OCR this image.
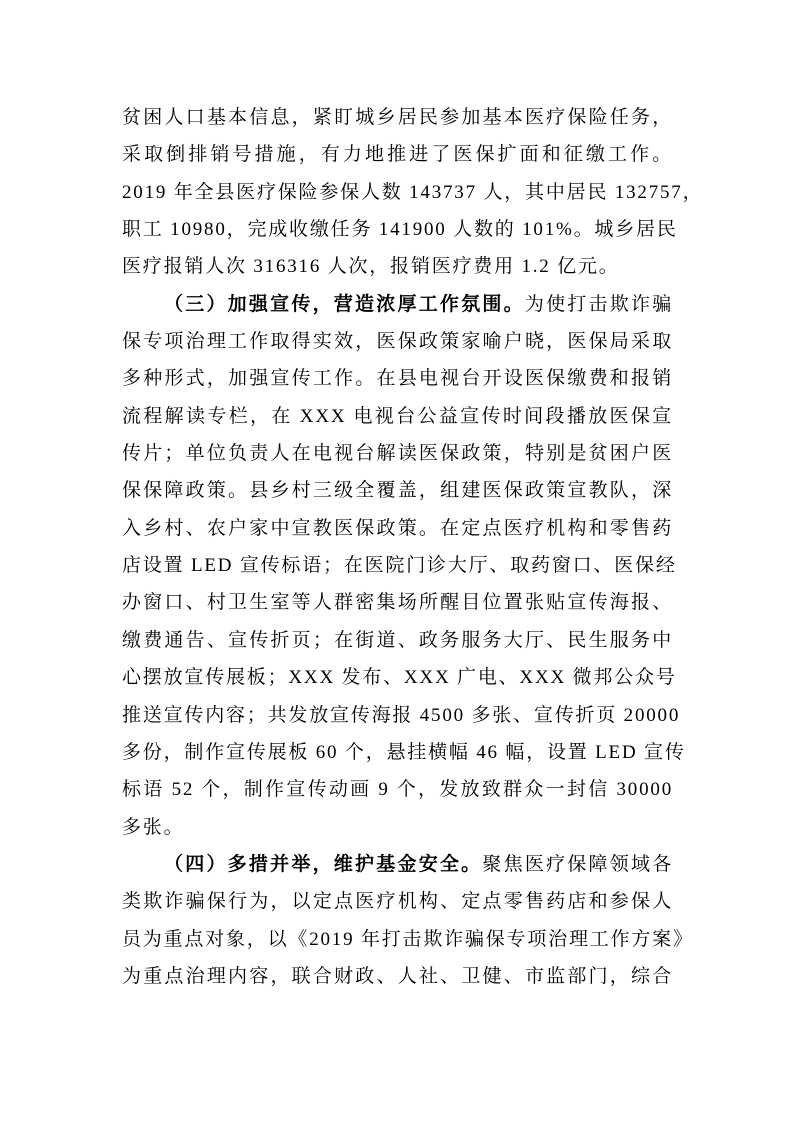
贫困人口基本信息，紧盯城乡居民参加基本医疗保险任务，
采取倒排销号措施，有力地推进了医保扩面和征缴工作。
2019 年全县医疗保险参保人数 143737 人，其中居民 132757，
职工 10980，完成收缴任务 141900 人数的 101%。城乡居民
医疗报销人次 316316 人次，报销医疗费用 1.2 亿元。
（三）加强宣传，营造浓厚工作氛围。为使打击欺诈骗
保专项治理工作取得实效，医保政策家喻户晓，医保局采取
多种形式，加强宣传工作。在县电视台开设医保缴费和报销
流程解读专栏，在 XXX 电视台公益宣传时间段播放医保宣
传片；单位负责人在电视台解读医保政策，特别是贫困户医
保保障政策。县乡村三级全覆盖，组建医保政策宣教队，深
入乡村、农户家中宣教医保政策。在定点医疗机构和零售药
店设置 LED 宣传标语；在医院门诊大厅、取药窗口、医保经
办窗口、村卫生室等人群密集场所醒目位置张贴宣传海报、
缴费通告、宣传折页；在街道、政务服务大厅、民生服务中
心摆放宣传展板；XXX 发布、XXX 广电、XXX 微邦公众号
推送宣传内容；共发放宣传海报 4500 多张、宣传折页 20000
多份，制作宣传展板 60 个，悬挂横幅 46 幅，设置 LED 宣传
标语 52 个，制作宣传动画 9 个，发放致群众一封信 30000
多张。
（四）多措并举，维护基金安全。聚焦医疗保障领域各
类欺诈骗保行为，以定点医疗机构、定点零售药店和参保人
员为重点对象，以《2019 年打击欺诈骗保专项治理工作方案》
为重点治理内容，联合财政、人社、卫健、市监部门，综合
